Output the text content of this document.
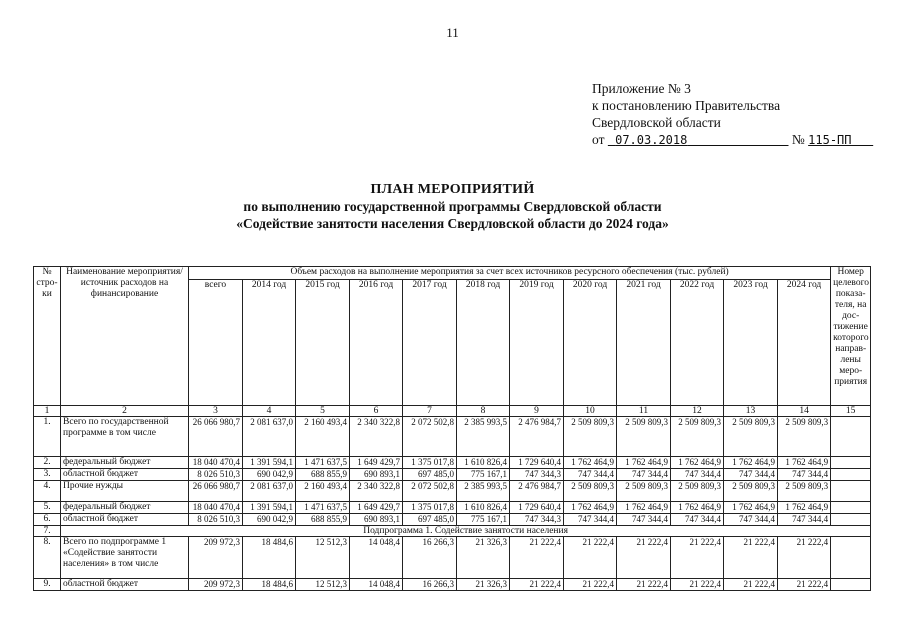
11
Приложение № 3
к постановлению Правительства
Свердловской области
от 07.03.2018	№ 115-ПП
ПЛАН МЕРОПРИЯТИЙ
по выполнению государственной программы Свердловской области
«Содействие занятости населения Свердловской области до 2024 года»
№ стро-ки	Наименование мероприятия/ источник расходов на финансирование	Объем расходов на выполнение мероприятия за счет всех источников ресурсного обеспечения (тыс. рублей)												Номер целевого показа-теля, на дос-тижение которого направ-лены меро-приятия
		всего	2014 год	2015 год	2016 год	2017 год	2018 год	2019 год	2020 год	2021 год	2022 год	2023 год	2024 год	
1	2	3	4	5	6	7	8	9	10	11	12	13	14	15
1.	Всего по государственной программе в том числе	26 066 980,7	2 081 637,0	2 160 493,4	2 340 322,8	2 072 502,8	2 385 993,5	2 476 984,7	2 509 809,3	2 509 809,3	2 509 809,3	2 509 809,3	2 509 809,3	
2.	федеральный бюджет	18 040 470,4	1 391 594,1	1 471 637,5	1 649 429,7	1 375 017,8	1 610 826,4	1 729 640,4	1 762 464,9	1 762 464,9	1 762 464,9	1 762 464,9	1 762 464,9	
3.	областной бюджет	8 026 510,3	690 042,9	688 855,9	690 893,1	697 485,0	775 167,1	747 344,3	747 344,4	747 344,4	747 344,4	747 344,4	747 344,4	
4.	Прочие нужды	26 066 980,7	2 081 637,0	2 160 493,4	2 340 322,8	2 072 502,8	2 385 993,5	2 476 984,7	2 509 809,3	2 509 809,3	2 509 809,3	2 509 809,3	2 509 809,3	
5.	федеральный бюджет	18 040 470,4	1 391 594,1	1 471 637,5	1 649 429,7	1 375 017,8	1 610 826,4	1 729 640,4	1 762 464,9	1 762 464,9	1 762 464,9	1 762 464,9	1 762 464,9	
6.	областной бюджет	8 026 510,3	690 042,9	688 855,9	690 893,1	697 485,0	775 167,1	747 344,3	747 344,4	747 344,4	747 344,4	747 344,4	747 344,4	
7.	Подпрограмма 1. Содействие занятости населения													
8.	Всего по подпрограмме 1 «Содействие занятости населения» в том числе	209 972,3	18 484,6	12 512,3	14 048,4	16 266,3	21 326,3	21 222,4	21 222,4	21 222,4	21 222,4	21 222,4	21 222,4	
9.	областной бюджет	209 972,3	18 484,6	12 512,3	14 048,4	16 266,3	21 326,3	21 222,4	21 222,4	21 222,4	21 222,4	21 222,4	21 222,4	
